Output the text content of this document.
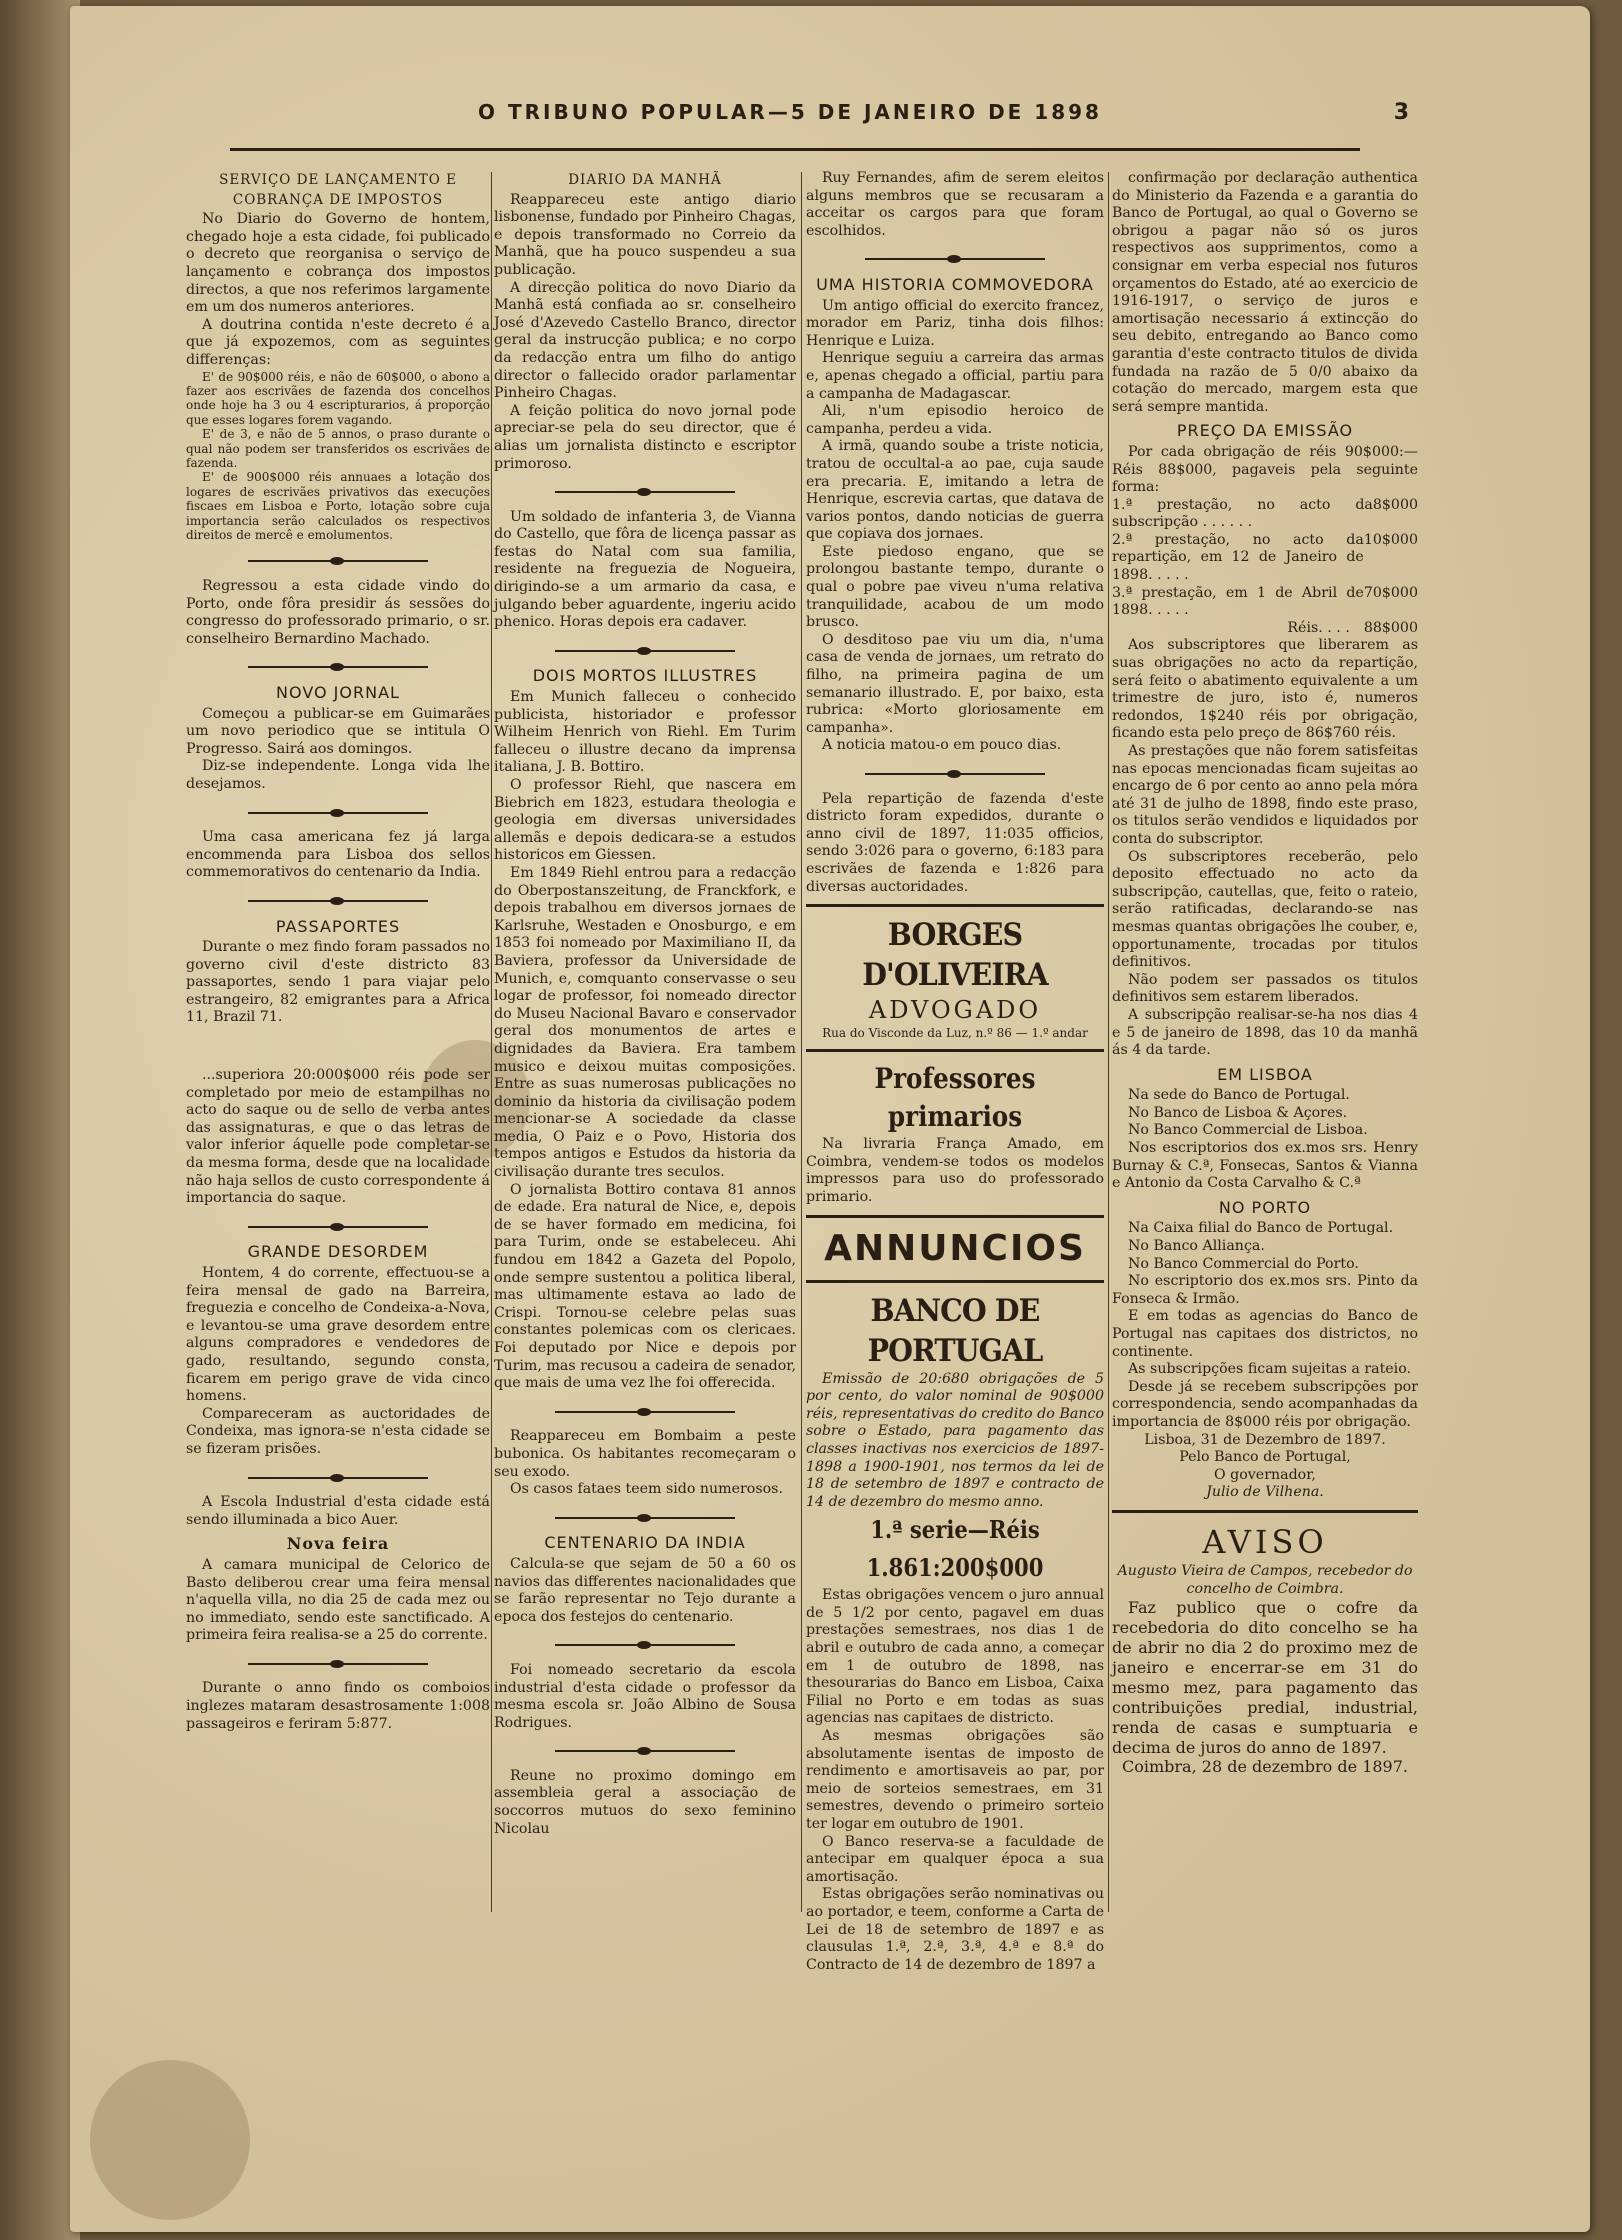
O TRIBUNO POPULAR—5 DE JANEIRO DE 1898	3
SERVIÇO DE LANÇAMENTO E
COBRANÇA DE IMPOSTOS

No Diario do Governo de hontem, chegado hoje a esta cidade, foi publicado o decreto que reorganisa o serviço de lançamento e cobrança dos impostos directos, a que nos referimos largamente em um dos numeros anteriores.

A doutrina contida n'este decreto é a que já expozemos, com as seguintes differenças:

E' de 90$000 réis, e não de 60$000, o abono a fazer aos escrivães de fazenda dos concelhos onde hoje ha 3 ou 4 escripturarios, á proporção que esses logares forem vagando.

E' de 3, e não de 5 annos, o praso durante o qual não podem ser transferidos os escrivães de fazenda.

E' de 900$000 réis annuaes a lotação dos logares de escrivães privativos das execuções fiscaes em Lisboa e Porto, lotação sobre cuja importancia serão calculados os respectivos direitos de mercê e emolumentos.

Regressou a esta cidade vindo do Porto, onde fôra presidir ás sessões do congresso do professorado primario, o sr. conselheiro Bernardino Machado.

NOVO JORNAL

Começou a publicar-se em Guimarães um novo periodico que se intitula O Progresso. Sairá aos domingos.

Diz-se independente. Longa vida lhe desejamos.

Uma casa americana fez já larga encommenda para Lisboa dos sellos commemorativos do centenario da India.

PASSAPORTES

Durante o mez findo foram passados no governo civil d'este districto 83 passaportes, sendo 1 para viajar pelo estrangeiro, 82 emigrantes para a Africa 11, Brazil 71.

...superiora 20:000$000 réis pode ser completado por meio de estampilhas no acto do saque ou de sello de verba antes das assignaturas, e que o das letras de valor inferior áquelle pode completar-se da mesma forma, desde que na localidade não haja sellos de custo correspondente á importancia do saque.

GRANDE DESORDEM

Hontem, 4 do corrente, effectuou-se a feira mensal de gado na Barreira, freguezia e concelho de Condeixa-a-Nova, e levantou-se uma grave desordem entre alguns compradores e vendedores de gado, resultando, segundo consta, ficarem em perigo grave de vida cinco homens.

Compareceram as auctoridades de Condeixa, mas ignora-se n'esta cidade se se fizeram prisões.

A Escola Industrial d'esta cidade está sendo illuminada a bico Auer.

Nova feira

A camara municipal de Celorico de Basto deliberou crear uma feira mensal n'aquella villa, no dia 25 de cada mez ou no immediato, sendo este sanctificado. A primeira feira realisa-se a 25 do corrente.

Durante o anno findo os comboios inglezes mataram desastrosamente 1:008 passageiros e feriram 5:877.

DIARIO DA MANHÃ

Reappareceu este antigo diario lisbonense, fundado por Pinheiro Chagas, e depois transformado no Correio da Manhã, que ha pouco suspendeu a sua publicação.

A direcção politica do novo Diario da Manhã está confiada ao sr. conselheiro José d'Azevedo Castello Branco, director geral da instrucção publica; e no corpo da redacção entra um filho do antigo director o fallecido orador parlamentar Pinheiro Chagas.

A feição politica do novo jornal pode apreciar-se pela do seu director, que é alias um jornalista distincto e escriptor primoroso.

Um soldado de infanteria 3, de Vianna do Castello, que fôra de licença passar as festas do Natal com sua familia, residente na freguezia de Nogueira, dirigindo-se a um armario da casa, e julgando beber aguardente, ingeriu acido phenico. Horas depois era cadaver.

DOIS MORTOS ILLUSTRES

Em Munich falleceu o conhecido publicista, historiador e professor Wilheim Henrich von Riehl. Em Turim falleceu o illustre decano da imprensa italiana, J. B. Bottiro.

O professor Riehl, que nascera em Biebrich em 1823, estudara theologia e geologia em diversas universidades allemãs e depois dedicara-se a estudos historicos em Giessen.

Em 1849 Riehl entrou para a redacção do Oberpostanszeitung, de Franckfork, e depois trabalhou em diversos jornaes de Karlsruhe, Westaden e Onosburgo, e em 1853 foi nomeado por Maximiliano II, da Baviera, professor da Universidade de Munich, e, comquanto conservasse o seu logar de professor, foi nomeado director do Museu Nacional Bavaro e conservador geral dos monumentos de artes e dignidades da Baviera. Era tambem musico e deixou muitas composições. Entre as suas numerosas publicações no dominio da historia da civilisação podem mencionar-se A sociedade da classe media, O Paiz e o Povo, Historia dos tempos antigos e Estudos da historia da civilisação durante tres seculos.

O jornalista Bottiro contava 81 annos de edade. Era natural de Nice, e, depois de se haver formado em medicina, foi para Turim, onde se estabeleceu. Ahi fundou em 1842 a Gazeta del Popolo, onde sempre sustentou a politica liberal, mas ultimamente estava ao lado de Crispi. Tornou-se celebre pelas suas constantes polemicas com os clericaes. Foi deputado por Nice e depois por Turim, mas recusou a cadeira de senador, que mais de uma vez lhe foi offerecida.

Reappareceu em Bombaim a peste bubonica. Os habitantes recomeçaram o seu exodo.

Os casos fataes teem sido numerosos.

CENTENARIO DA INDIA

Calcula-se que sejam de 50 a 60 os navios das differentes nacionalidades que se farão representar no Tejo durante a epoca dos festejos do centenario.

Foi nomeado secretario da escola industrial d'esta cidade o professor da mesma escola sr. João Albino de Sousa Rodrigues.

Reune no proximo domingo em assembleia geral a associação de soccorros mutuos do sexo feminino Nicolau

Ruy Fernandes, afim de serem eleitos alguns membros que se recusaram a acceitar os cargos para que foram escolhidos.

UMA HISTORIA COMMOVEDORA

Um antigo official do exercito francez, morador em Pariz, tinha dois filhos: Henrique e Luiza.

Henrique seguiu a carreira das armas e, apenas chegado a official, partiu para a campanha de Madagascar.

Ali, n'um episodio heroico de campanha, perdeu a vida.

A irmã, quando soube a triste noticia, tratou de occultal-a ao pae, cuja saude era precaria. E, imitando a letra de Henrique, escrevia cartas, que datava de varios pontos, dando noticias de guerra que copiava dos jornaes.

Este piedoso engano, que se prolongou bastante tempo, durante o qual o pobre pae viveu n'uma relativa tranquilidade, acabou de um modo brusco.

O desditoso pae viu um dia, n'uma casa de venda de jornaes, um retrato do filho, na primeira pagina de um semanario illustrado. E, por baixo, esta rubrica: «Morto gloriosamente em campanha».

A noticia matou-o em pouco dias.

Pela repartição de fazenda d'este districto foram expedidos, durante o anno civil de 1897, 11:035 officios, sendo 3:026 para o governo, 6:183 para escrivães de fazenda e 1:826 para diversas auctoridades.

BORGES D'OLIVEIRA
ADVOGADO
Rua do Visconde da Luz, n.º 86 — 1.º andar
Professores primarios

Na livraria França Amado, em Coimbra, vendem-se todos os modelos impressos para uso do professorado primario.

ANNUNCIOS
BANCO DE PORTUGAL

Emissão de 20:680 obrigações de 5 por cento, do valor nominal de 90$000 réis, representativas do credito do Banco sobre o Estado, para pagamento das classes inactivas nos exercicios de 1897-1898 a 1900-1901, nos termos da lei de 18 de setembro de 1897 e contracto de 14 de dezembro do mesmo anno.

1.ª serie—Réis 1.861:200$000

Estas obrigações vencem o juro annual de 5 1/2 por cento, pagavel em duas prestações semestraes, nos dias 1 de abril e outubro de cada anno, a começar em 1 de outubro de 1898, nas thesourarias do Banco em Lisboa, Caixa Filial no Porto e em todas as suas agencias nas capitaes de districto.

As mesmas obrigações são absolutamente isentas de imposto de rendimento e amortisaveis ao par, por meio de sorteios semestraes, em 31 semestres, devendo o primeiro sorteio ter logar em outubro de 1901.

O Banco reserva-se a faculdade de antecipar em qualquer época a sua amortisação.

Estas obrigações serão nominativas ou ao portador, e teem, conforme a Carta de Lei de 18 de setembro de 1897 e as clausulas 1.ª, 2.ª, 3.ª, 4.ª e 8.ª do Contracto de 14 de dezembro de 1897 a

confirmação por declaração authentica do Ministerio da Fazenda e a garantia do Banco de Portugal, ao qual o Governo se obrigou a pagar não só os juros respectivos aos supprimentos, como a consignar em verba especial nos futuros orçamentos do Estado, até ao exercicio de 1916-1917, o serviço de juros e amortisação necessario á extincção do seu debito, entregando ao Banco como garantia d'este contracto titulos de divida fundada na razão de 5 0/0 abaixo da cotação do mercado, margem esta que será sempre mantida.

PREÇO DA EMISSÃO

Por cada obrigação de réis 90$000:— Réis 88$000, pagaveis pela seguinte forma:

1.ª prestação, no acto da subscripção . . . . . .
8$000
2.ª prestação, no acto da repartição, em 12 de Janeiro de 1898. . . . .
10$000
3.ª prestação, em 1 de Abril de 1898. . . . .
70$000
Réis. . . . 88$000

Aos subscriptores que liberarem as suas obrigações no acto da repartição, será feito o abatimento equivalente a um trimestre de juro, isto é, numeros redondos, 1$240 réis por obrigação, ficando esta pelo preço de 86$760 réis.

As prestações que não forem satisfeitas nas epocas mencionadas ficam sujeitas ao encargo de 6 por cento ao anno pela móra até 31 de julho de 1898, findo este praso, os titulos serão vendidos e liquidados por conta do subscriptor.

Os subscriptores receberão, pelo deposito effectuado no acto da subscripção, cautellas, que, feito o rateio, serão ratificadas, declarando-se nas mesmas quantas obrigações lhe couber, e, opportunamente, trocadas por titulos definitivos.

Não podem ser passados os titulos definitivos sem estarem liberados.

A subscripção realisar-se-ha nos dias 4 e 5 de janeiro de 1898, das 10 da manhã ás 4 da tarde.

EM LISBOA

Na sede do Banco de Portugal.

No Banco de Lisboa & Açores.

No Banco Commercial de Lisboa.

Nos escriptorios dos ex.mos srs. Henry Burnay & C.ª, Fonsecas, Santos & Vianna e Antonio da Costa Carvalho & C.ª

NO PORTO

Na Caixa filial do Banco de Portugal.

No Banco Alliança.

No Banco Commercial do Porto.

No escriptorio dos ex.mos srs. Pinto da Fonseca & Irmão.

E em todas as agencias do Banco de Portugal nas capitaes dos districtos, no continente.

As subscripções ficam sujeitas a rateio.

Desde já se recebem subscripções por correspondencia, sendo acompanhadas da importancia de 8$000 réis por obrigação.

Lisboa, 31 de Dezembro de 1897.
Pelo Banco de Portugal,
O governador,
Julio de Vilhena.
AVISO
Augusto Vieira de Campos, recebedor do concelho de Coimbra.

Faz publico que o cofre da recebedoria do dito concelho se ha de abrir no dia 2 do proximo mez de janeiro e encerrar-se em 31 do mesmo mez, para pagamento das contribuições predial, industrial, renda de casas e sumptuaria e decima de juros do anno de 1897.

Coimbra, 28 de dezembro de 1897.
